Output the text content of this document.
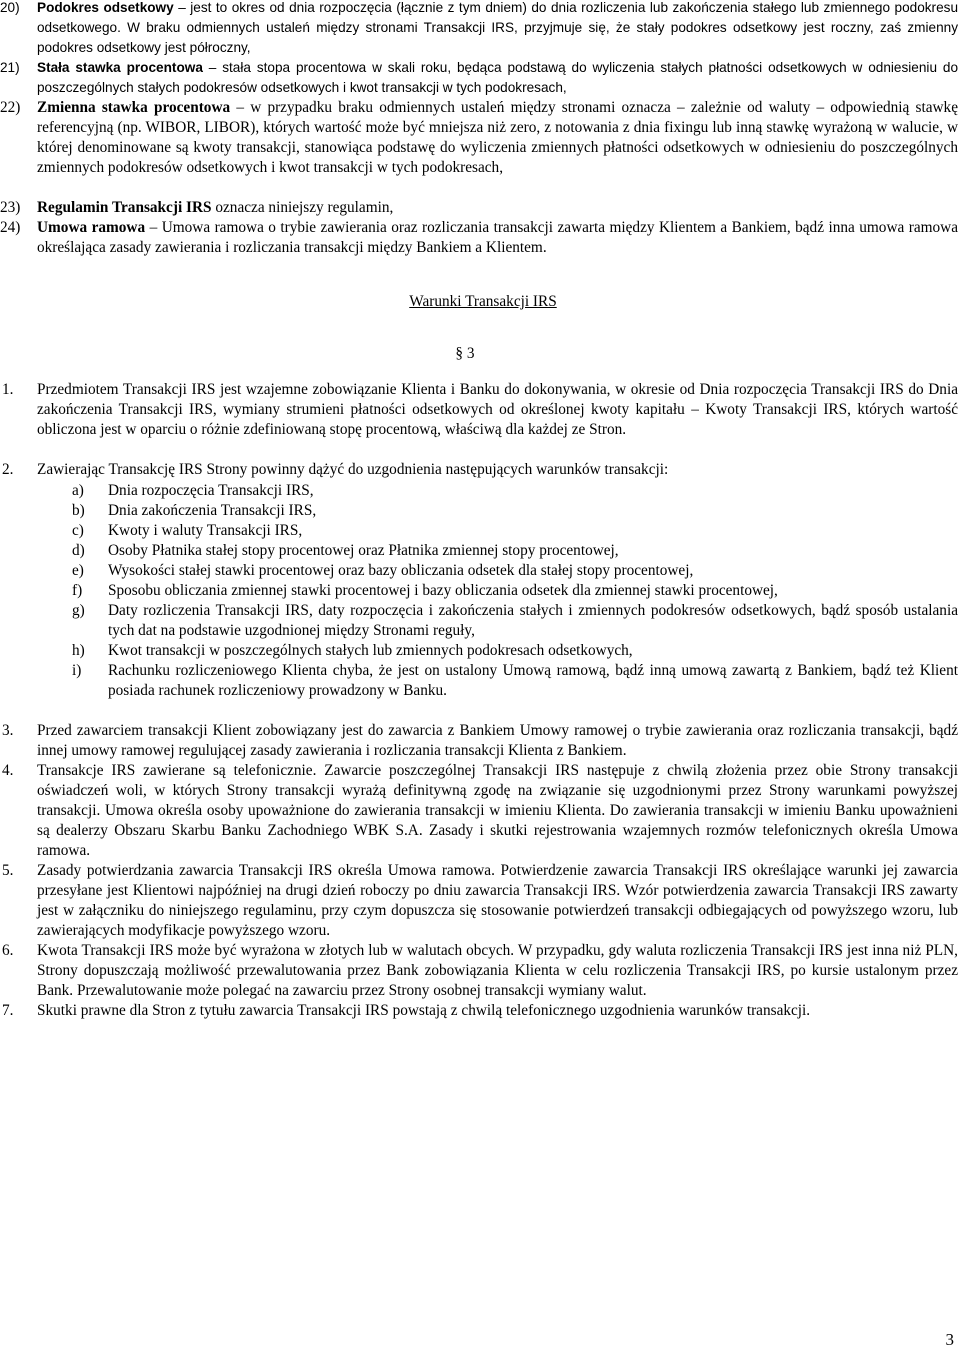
20)	Podokres odsetkowy – jest to okres od dnia rozpoczęcia (łącznie z tym dniem) do dnia rozliczenia lub zakończenia stałego lub zmiennego podokresu odsetkowego. W braku odmiennych ustaleń między stronami Transakcji IRS, przyjmuje się, że stały podokres odsetkowy jest roczny, zaś zmienny podokres odsetkowy jest półroczny,
21)	Stała stawka procentowa – stała stopa procentowa w skali roku, będąca podstawą do wyliczenia stałych płatności odsetkowych w odniesieniu do poszczególnych stałych podokresów odsetkowych i kwot transakcji w tych podokresach,
22)	Zmienna stawka procentowa – w przypadku braku odmiennych ustaleń między stronami oznacza – zależnie od waluty – odpowiednią stawkę referencyjną (np. WIBOR, LIBOR), których wartość może być mniejsza niż zero, z notowania z dnia fixingu lub inną stawkę wyrażoną w walucie, w której denominowane są kwoty transakcji, stanowiąca podstawę do wyliczenia zmiennych płatności odsetkowych w odniesieniu do poszczególnych zmiennych podokresów odsetkowych i kwot transakcji w tych podokresach,
23)	Regulamin Transakcji IRS oznacza niniejszy regulamin,
24)	Umowa ramowa – Umowa ramowa o trybie zawierania oraz rozliczania transakcji zawarta między Klientem a Bankiem, bądź inna umowa ramowa określająca zasady zawierania i rozliczania transakcji między Bankiem a Klientem.
Warunki Transakcji IRS
§ 3
1. Przedmiotem Transakcji IRS jest wzajemne zobowiązanie Klienta i Banku do dokonywania, w okresie od Dnia rozpoczęcia Transakcji IRS do Dnia zakończenia Transakcji IRS, wymiany strumieni płatności odsetkowych od określonej kwoty kapitału – Kwoty Transakcji IRS, których wartość obliczona jest w oparciu o różnie zdefiniowaną stopę procentową, właściwą dla każdej ze Stron.
2. Zawierając Transakcję IRS Strony powinny dążyć do uzgodnienia następujących warunków transakcji:
a) Dnia rozpoczęcia Transakcji IRS,
b) Dnia zakończenia Transakcji IRS,
c) Kwoty i waluty Transakcji IRS,
d) Osoby Płatnika stałej stopy procentowej oraz Płatnika zmiennej stopy procentowej,
e) Wysokości stałej stawki procentowej oraz bazy obliczania odsetek dla stałej stopy procentowej,
f) Sposobu obliczania zmiennej stawki procentowej i bazy obliczania odsetek dla zmiennej stawki procentowej,
g) Daty rozliczenia Transakcji IRS, daty rozpoczęcia i zakończenia stałych i zmiennych podokresów odsetkowych, bądź sposób ustalania tych dat na podstawie uzgodnionej między Stronami reguły,
h) Kwot transakcji w poszczególnych stałych lub zmiennych podokresach odsetkowych,
i) Rachunku rozliczeniowego Klienta chyba, że jest on ustalony Umową ramową, bądź inną umową zawartą z Bankiem, bądź też Klient posiada rachunek rozliczeniowy prowadzony w Banku.
3. Przed zawarciem transakcji Klient zobowiązany jest do zawarcia z Bankiem Umowy ramowej o trybie zawierania oraz rozliczania transakcji, bądź innej umowy ramowej regulującej zasady zawierania i rozliczania transakcji Klienta z Bankiem.
4. Transakcje IRS zawierane są telefonicznie. Zawarcie poszczególnej Transakcji IRS następuje z chwilą złożenia przez obie Strony transakcji oświadczeń woli, w których Strony transakcji wyrażą definitywną zgodę na związanie się uzgodnionymi przez Strony warunkami powyższej transakcji. Umowa określa osoby upoważnione do zawierania transakcji w imieniu Klienta. Do zawierania transakcji w imieniu Banku upoważnieni są dealerzy Obszaru Skarbu Banku Zachodniego WBK S.A. Zasady i skutki rejestrowania wzajemnych rozmów telefonicznych określa Umowa ramowa.
5. Zasady potwierdzania zawarcia Transakcji IRS określa Umowa ramowa. Potwierdzenie zawarcia Transakcji IRS określające warunki jej zawarcia przesyłane jest Klientowi najpóźniej na drugi dzień roboczy po dniu zawarcia Transakcji IRS. Wzór potwierdzenia zawarcia Transakcji IRS zawarty jest w załączniku do niniejszego regulaminu, przy czym dopuszcza się stosowanie potwierdzeń transakcji odbiegających od powyższego wzoru, lub zawierających modyfikacje powyższego wzoru.
6. Kwota Transakcji IRS może być wyrażona w złotych lub w walutach obcych. W przypadku, gdy waluta rozliczenia Transakcji IRS jest inna niż PLN, Strony dopuszczają możliwość przewalutowania przez Bank zobowiązania Klienta w celu rozliczenia Transakcji IRS, po kursie ustalonym przez Bank. Przewalutowanie może polegać na zawarciu przez Strony osobnej transakcji wymiany walut.
7. Skutki prawne dla Stron z tytułu zawarcia Transakcji IRS powstają z chwilą telefonicznego uzgodnienia warunków transakcji.
3
